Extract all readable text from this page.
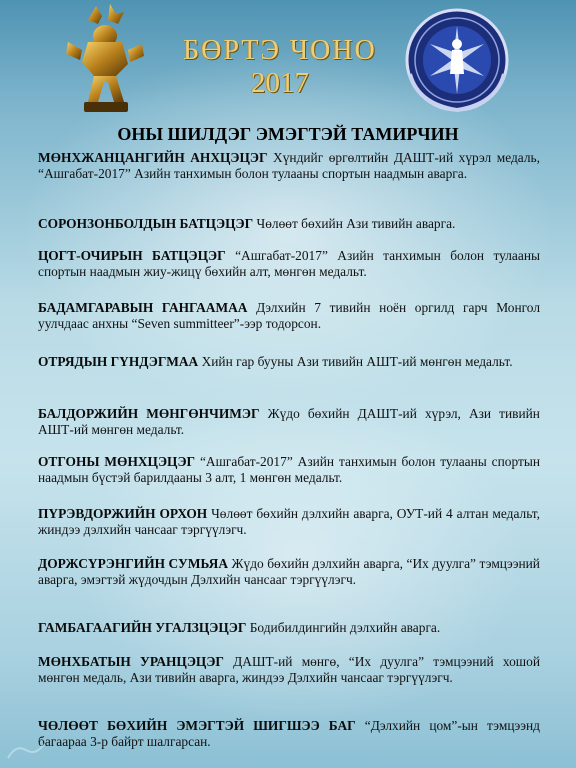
БӨРТЭ ЧОНО
2017
ОНЫ ШИЛДЭГ ЭМЭГТЭЙ ТАМИРЧИН
МӨНХЖАНЦАНГИЙН АНХЦЭЦЭГ Хүндийг өргөлтийн ДАШТ-ий хүрэл медаль, “Ашгабат-2017” Азийн танхимын болон тулааны спортын наадмын аварга.
СОРОНЗОНБОЛДЫН БАТЦЭЦЭГ Чөлөөт бөхийн Ази тивийн аварга.
ЦОГТ-ОЧИРЫН БАТЦЭЦЭГ “Ашгабат-2017” Азийн танхимын болон тулааны спортын наадмын жиу-жицү бөхийн алт, мөнгөн медальт.
БАДАМГАРАВЫН ГАНГААМАА Дэлхийн 7 тивийн ноён оргилд гарч Монгол уулчдаас анхны “Seven summitteer”-ээр тодорсон.
ОТРЯДЫН ГҮНДЭГМАА Хийн гар бууны Ази тивийн АШТ-ий мөнгөн медальт.
БАЛДОРЖИЙН МӨНГӨНЧИМЭГ Жүдо бөхийн ДАШТ-ий хүрэл, Ази тивийн АШТ-ий мөнгөн медальт.
ОТГОНЫ МӨНХЦЭЦЭГ “Ашгабат-2017” Азийн танхимын болон тулааны спортын наадмын бүстэй барилдааны 3 алт, 1 мөнгөн медальт.
ПҮРЭВДОРЖИЙН ОРХОН Чөлөөт бөхийн дэлхийн аварга, ОУТ-ий 4 алтан медальт, жиндээ дэлхийн чансааг тэргүүлэгч.
ДОРЖСҮРЭНГИЙН СУМЬЯА Жүдо бөхийн дэлхийн аварга, “Их дуулга” тэмцээний аварга, эмэгтэй жүдочдын Дэлхийн чансааг тэргүүлэгч.
ГАМБАГААГИЙН УГАЛЗЦЭЦЭГ Бодибилдингийн дэлхийн аварга.
МӨНХБАТЫН УРАНЦЭЦЭГ ДАШТ-ий мөнгө, “Их дуулга” тэмцээний хошой мөнгөн медаль, Ази тивийн аварга, жиндээ Дэлхийн чансааг тэргүүлэгч.
ЧӨЛӨӨТ БӨХИЙН ЭМЭГТЭЙ ШИГШЭЭ БАГ “Дэлхийн цом”-ын тэмцээнд багаараа 3-р байрт шалгарсан.
